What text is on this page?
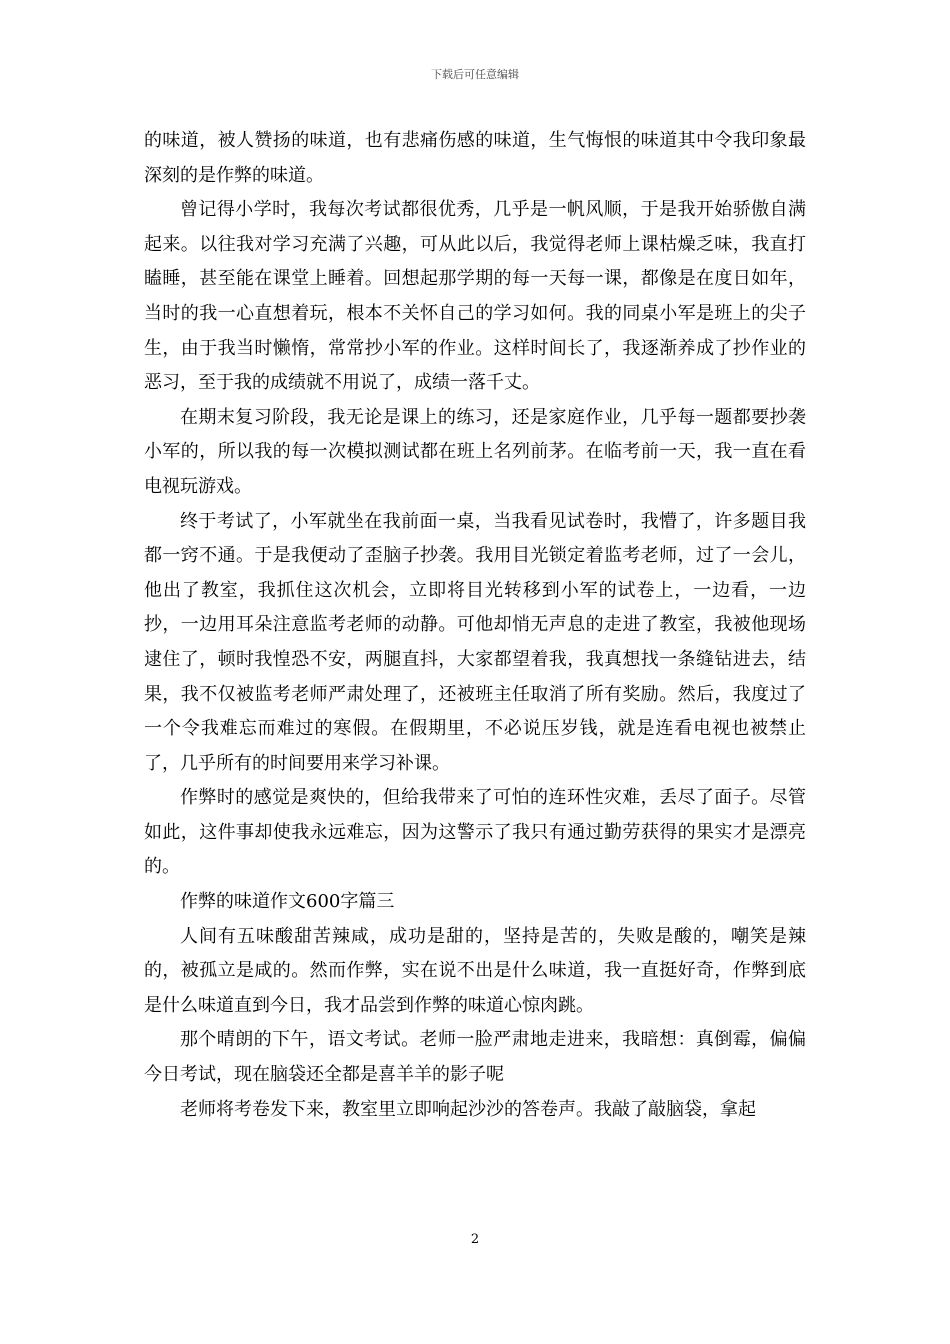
下载后可任意编辑

的味道，被人赞扬的味道，也有悲痛伤感的味道，生气悔恨的味道其中令我印象最深刻的是作弊的味道。

曾记得小学时，我每次考试都很优秀，几乎是一帆风顺，于是我开始骄傲自满起来。以往我对学习充满了兴趣，可从此以后，我觉得老师上课枯燥乏味，我直打瞌睡，甚至能在课堂上睡着。回想起那学期的每一天每一课，都像是在度日如年，当时的我一心直想着玩，根本不关怀自己的学习如何。我的同桌小军是班上的尖子生，由于我当时懒惰，常常抄小军的作业。这样时间长了，我逐渐养成了抄作业的恶习，至于我的成绩就不用说了，成绩一落千丈。

在期末复习阶段，我无论是课上的练习，还是家庭作业，几乎每一题都要抄袭小军的，所以我的每一次模拟测试都在班上名列前茅。在临考前一天，我一直在看电视玩游戏。

终于考试了，小军就坐在我前面一桌，当我看见试卷时，我懵了，许多题目我都一窍不通。于是我便动了歪脑子抄袭。我用目光锁定着监考老师，过了一会儿，他出了教室，我抓住这次机会，立即将目光转移到小军的试卷上，一边看，一边抄，一边用耳朵注意监考老师的动静。可他却悄无声息的走进了教室，我被他现场逮住了，顿时我惶恐不安，两腿直抖，大家都望着我，我真想找一条缝钻进去，结果，我不仅被监考老师严肃处理了，还被班主任取消了所有奖励。然后，我度过了一个令我难忘而难过的寒假。在假期里，不必说压岁钱，就是连看电视也被禁止了，几乎所有的时间要用来学习补课。

作弊时的感觉是爽快的，但给我带来了可怕的连环性灾难，丢尽了面子。尽管如此，这件事却使我永远难忘，因为这警示了我只有通过勤劳获得的果实才是漂亮的。

作弊的味道作文600字篇三

人间有五味酸甜苦辣咸，成功是甜的，坚持是苦的，失败是酸的，嘲笑是辣的，被孤立是咸的。然而作弊，实在说不出是什么味道，我一直挺好奇，作弊到底是什么味道直到今日，我才品尝到作弊的味道心惊肉跳。

那个晴朗的下午，语文考试。老师一脸严肃地走进来，我暗想：真倒霉，偏偏今日考试，现在脑袋还全都是喜羊羊的影子呢

老师将考卷发下来，教室里立即响起沙沙的答卷声。我敲了敲脑袋，拿起

2
